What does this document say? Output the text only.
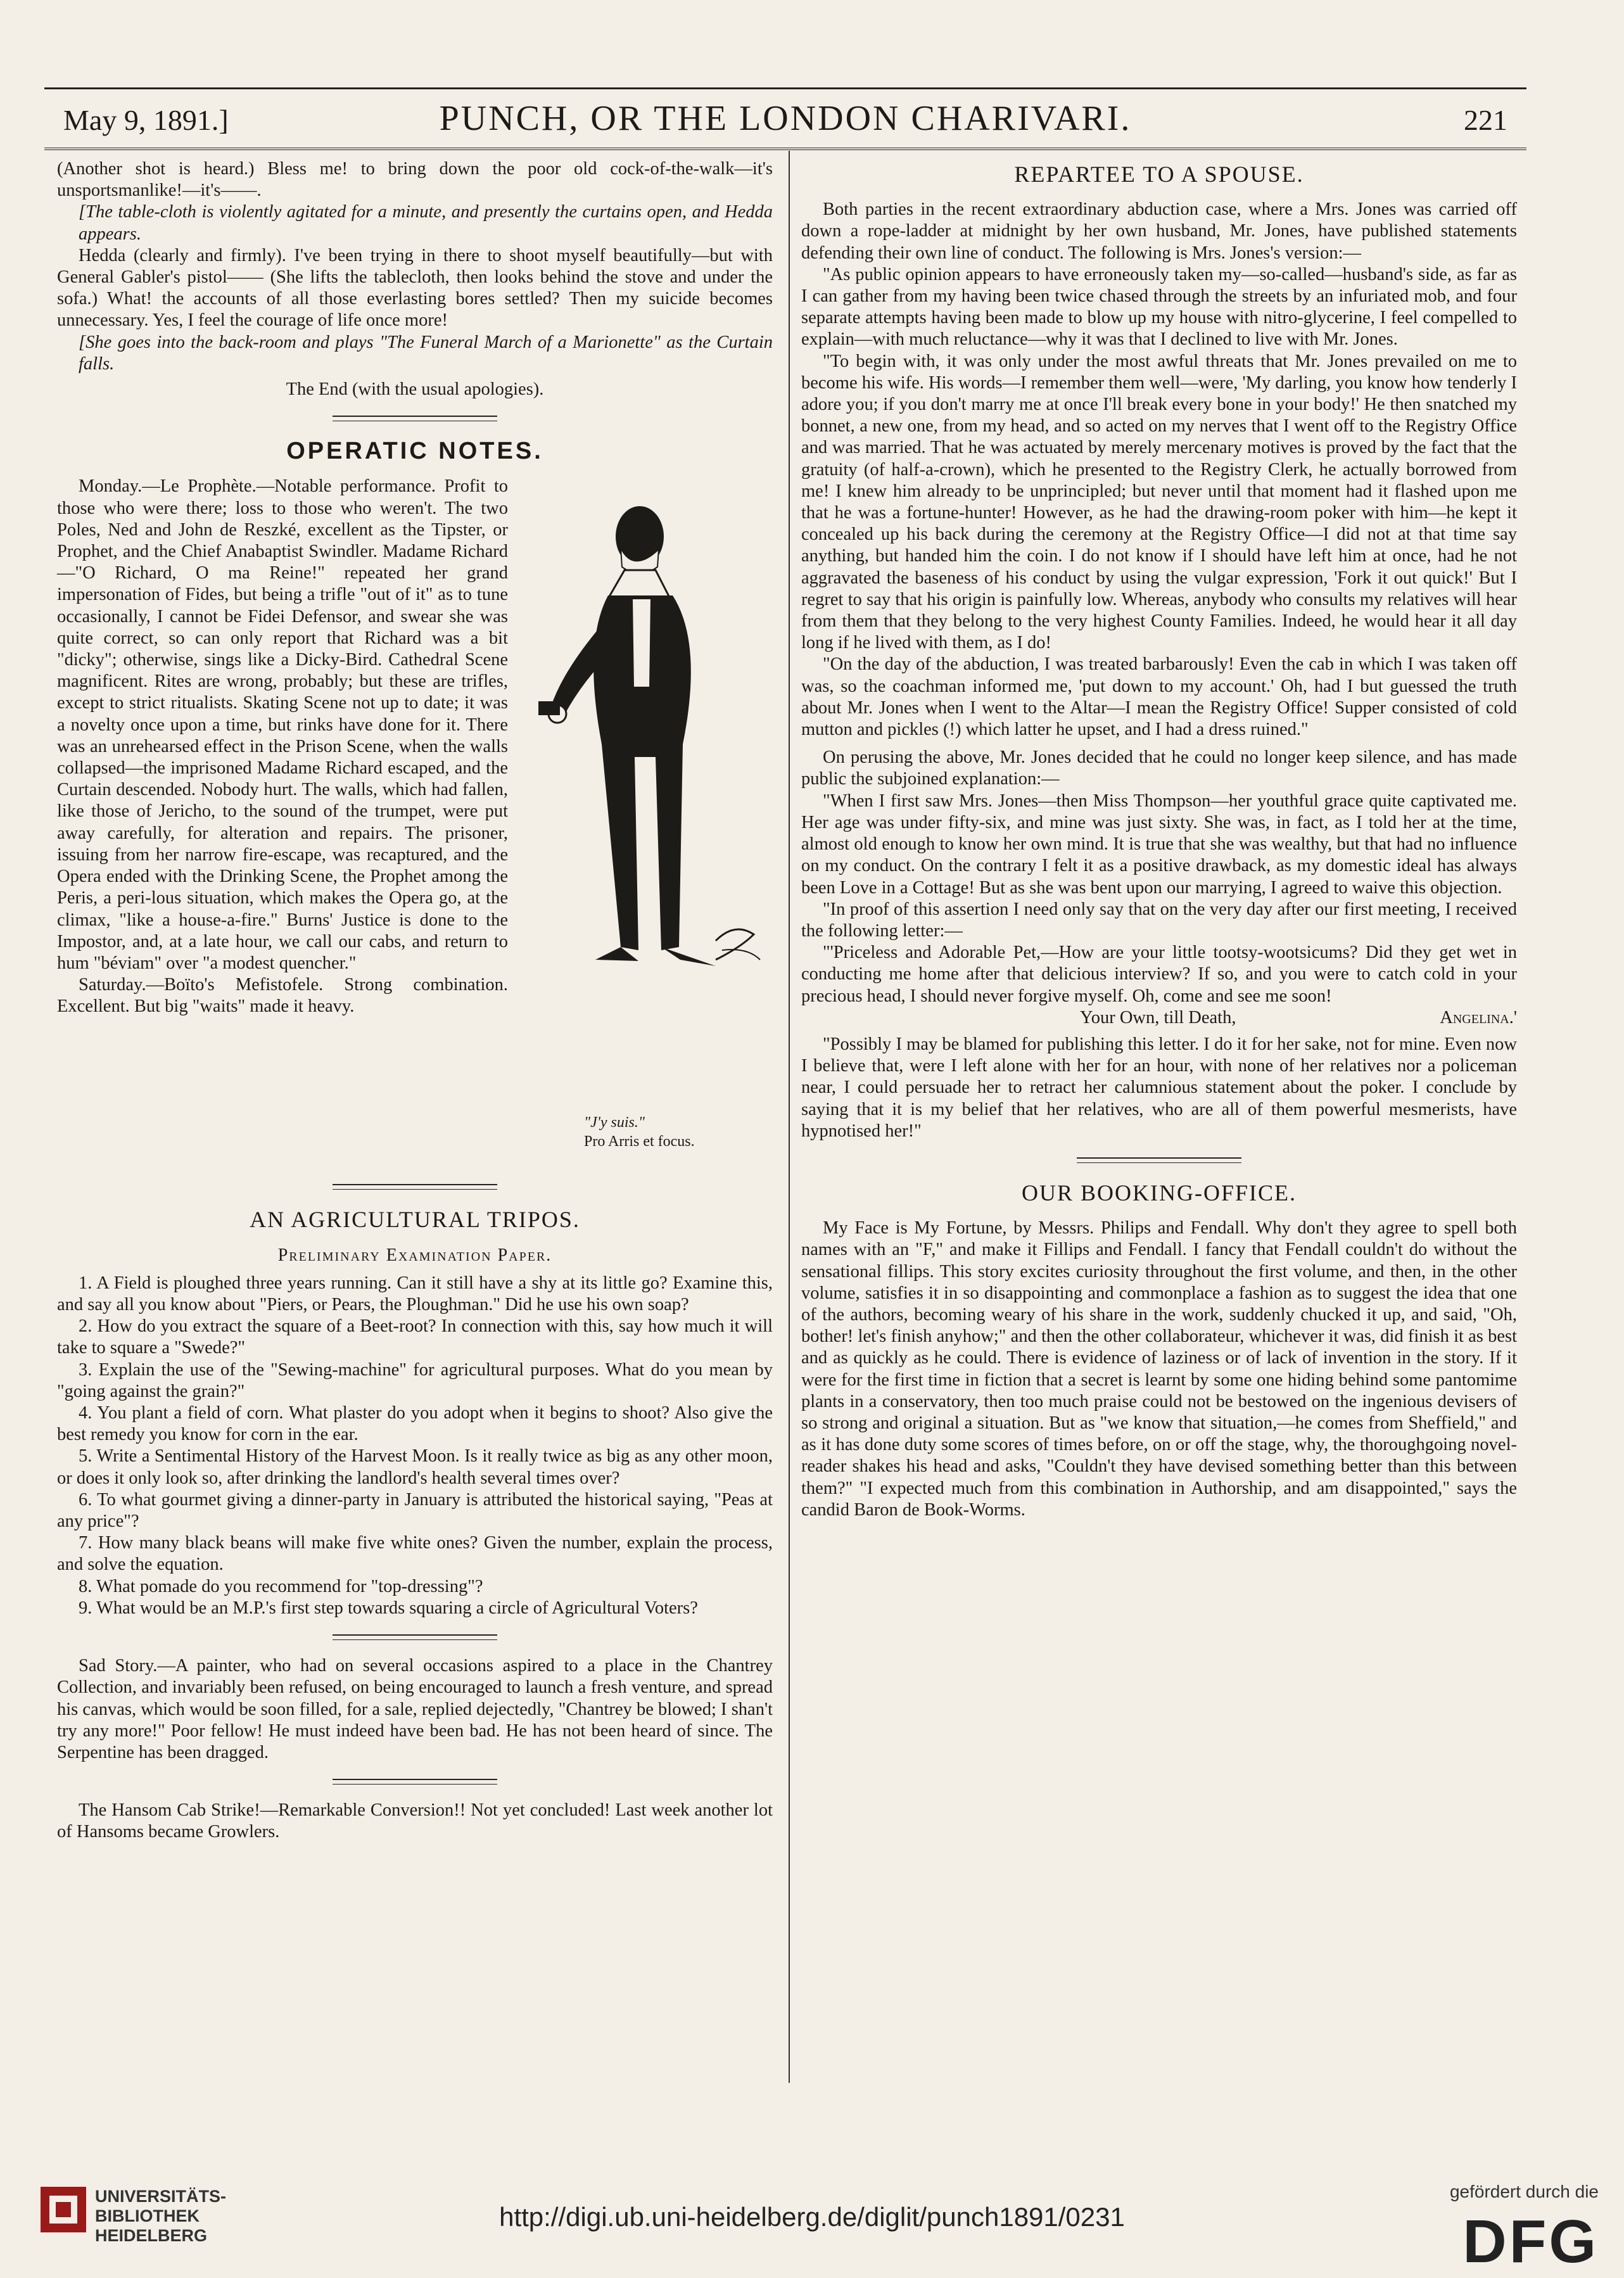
May 9, 1891.]	PUNCH, OR THE LONDON CHARIVARI.	221

(Another shot is heard.) Bless me! to bring down the poor old cock-of-the-walk—it's unsportsmanlike!—it's——.

[The table-cloth is violently agitated for a minute, and presently the curtains open, and Hedda appears.

Hedda (clearly and firmly). I've been trying in there to shoot myself beautifully—but with General Gabler's pistol—— (She lifts the tablecloth, then looks behind the stove and under the sofa.) What! the accounts of all those everlasting bores settled? Then my suicide becomes unnecessary. Yes, I feel the courage of life once more!

[She goes into the back-room and plays "The Funeral March of a Marionette" as the Curtain falls.

The End (with the usual apologies).

OPERATIC NOTES.
"J'y suis."
Pro Arris et focus.

Monday.—Le Prophète.—Notable performance. Profit to those who were there; loss to those who weren't. The two Poles, Ned and John de Reszké, excellent as the Tipster, or Prophet, and the Chief Anabaptist Swindler. Madame Richard—"O Richard, O ma Reine!" repeated her grand impersonation of Fides, but being a trifle "out of it" as to tune occasionally, I cannot be Fidei Defensor, and swear she was quite correct, so can only report that Richard was a bit "dicky"; otherwise, sings like a Dicky-Bird. Cathedral Scene magnificent. Rites are wrong, probably; but these are trifles, except to strict ritualists. Skating Scene not up to date; it was a novelty once upon a time, but rinks have done for it. There was an unrehearsed effect in the Prison Scene, when the walls collapsed—the imprisoned Madame Richard escaped, and the Curtain descended. Nobody hurt. The walls, which had fallen, like those of Jericho, to the sound of the trumpet, were put away carefully, for alteration and repairs. The prisoner, issuing from her narrow fire-escape, was recaptured, and the Opera ended with the Drinking Scene, the Prophet among the Peris, a peri-lous situation, which makes the Opera go, at the climax, "like a house-a-fire." Burns' Justice is done to the Impostor, and, at a late hour, we call our cabs, and return to hum "béviam" over "a modest quencher."

Saturday.—Boïto's Mefistofele. Strong combination. Excellent. But big "waits" made it heavy.

AN AGRICULTURAL TRIPOS.
Preliminary Examination Paper.

1. A Field is ploughed three years running. Can it still have a shy at its little go? Examine this, and say all you know about "Piers, or Pears, the Ploughman." Did he use his own soap?

2. How do you extract the square of a Beet-root? In connection with this, say how much it will take to square a "Swede?"

3. Explain the use of the "Sewing-machine" for agricultural purposes. What do you mean by "going against the grain?"

4. You plant a field of corn. What plaster do you adopt when it begins to shoot? Also give the best remedy you know for corn in the ear.

5. Write a Sentimental History of the Harvest Moon. Is it really twice as big as any other moon, or does it only look so, after drinking the landlord's health several times over?

6. To what gourmet giving a dinner-party in January is attributed the historical saying, "Peas at any price"?

7. How many black beans will make five white ones? Given the number, explain the process, and solve the equation.

8. What pomade do you recommend for "top-dressing"?

9. What would be an M.P.'s first step towards squaring a circle of Agricultural Voters?

Sad Story.—A painter, who had on several occasions aspired to a place in the Chantrey Collection, and invariably been refused, on being encouraged to launch a fresh venture, and spread his canvas, which would be soon filled, for a sale, replied dejectedly, "Chantrey be blowed; I shan't try any more!" Poor fellow! He must indeed have been bad. He has not been heard of since. The Serpentine has been dragged.

The Hansom Cab Strike!—Remarkable Conversion!! Not yet concluded! Last week another lot of Hansoms became Growlers.

REPARTEE TO A SPOUSE.

Both parties in the recent extraordinary abduction case, where a Mrs. Jones was carried off down a rope-ladder at midnight by her own husband, Mr. Jones, have published statements defending their own line of conduct. The following is Mrs. Jones's version:—

"As public opinion appears to have erroneously taken my—so-called—husband's side, as far as I can gather from my having been twice chased through the streets by an infuriated mob, and four separate attempts having been made to blow up my house with nitro-glycerine, I feel compelled to explain—with much reluctance—why it was that I declined to live with Mr. Jones.

"To begin with, it was only under the most awful threats that Mr. Jones prevailed on me to become his wife. His words—I remember them well—were, 'My darling, you know how tenderly I adore you; if you don't marry me at once I'll break every bone in your body!' He then snatched my bonnet, a new one, from my head, and so acted on my nerves that I went off to the Registry Office and was married. That he was actuated by merely mercenary motives is proved by the fact that the gratuity (of half-a-crown), which he presented to the Registry Clerk, he actually borrowed from me! I knew him already to be unprincipled; but never until that moment had it flashed upon me that he was a fortune-hunter! However, as he had the drawing-room poker with him—he kept it concealed up his back during the ceremony at the Registry Office—I did not at that time say anything, but handed him the coin. I do not know if I should have left him at once, had he not aggravated the baseness of his conduct by using the vulgar expression, 'Fork it out quick!' But I regret to say that his origin is painfully low. Whereas, anybody who consults my relatives will hear from them that they belong to the very highest County Families. Indeed, he would hear it all day long if he lived with them, as I do!

"On the day of the abduction, I was treated barbarously! Even the cab in which I was taken off was, so the coachman informed me, 'put down to my account.' Oh, had I but guessed the truth about Mr. Jones when I went to the Altar—I mean the Registry Office! Supper consisted of cold mutton and pickles (!) which latter he upset, and I had a dress ruined."

On perusing the above, Mr. Jones decided that he could no longer keep silence, and has made public the subjoined explanation:—

"When I first saw Mrs. Jones—then Miss Thompson—her youthful grace quite captivated me. Her age was under fifty-six, and mine was just sixty. She was, in fact, as I told her at the time, almost old enough to know her own mind. It is true that she was wealthy, but that had no influence on my conduct. On the contrary I felt it as a positive drawback, as my domestic ideal has always been Love in a Cottage! But as she was bent upon our marrying, I agreed to waive this objection.

"In proof of this assertion I need only say that on the very day after our first meeting, I received the following letter:—

"'Priceless and Adorable Pet,—How are your little tootsy-wootsicums? Did they get wet in conducting me home after that delicious interview? If so, and you were to catch cold in your precious head, I should never forgive myself. Oh, come and see me soon!

Your Own, till Death,	Angelina.'

"Possibly I may be blamed for publishing this letter. I do it for her sake, not for mine. Even now I believe that, were I left alone with her for an hour, with none of her relatives nor a policeman near, I could persuade her to retract her calumnious statement about the poker. I conclude by saying that it is my belief that her relatives, who are all of them powerful mesmerists, have hypnotised her!"

OUR BOOKING-OFFICE.

My Face is My Fortune, by Messrs. Philips and Fendall. Why don't they agree to spell both names with an "F," and make it Fillips and Fendall. I fancy that Fendall couldn't do without the sensational fillips. This story excites curiosity throughout the first volume, and then, in the other volume, satisfies it in so disappointing and commonplace a fashion as to suggest the idea that one of the authors, becoming weary of his share in the work, suddenly chucked it up, and said, "Oh, bother! let's finish anyhow;" and then the other collaborateur, whichever it was, did finish it as best and as quickly as he could. There is evidence of laziness or of lack of invention in the story. If it were for the first time in fiction that a secret is learnt by some one hiding behind some pantomime plants in a conservatory, then too much praise could not be bestowed on the ingenious devisers of so strong and original a situation. But as "we know that situation,—he comes from Sheffield," and as it has done duty some scores of times before, on or off the stage, why, the thoroughgoing novel-reader shakes his head and asks, "Couldn't they have devised something better than this between them?" "I expected much from this combination in Authorship, and am disappointed," says the candid Baron de Book-Worms.

UNIVERSITÄTS-
BIBLIOTHEK
HEIDELBERG
http://digi.ub.uni-heidelberg.de/diglit/punch1891/0231
gefördert durch die
DFG
